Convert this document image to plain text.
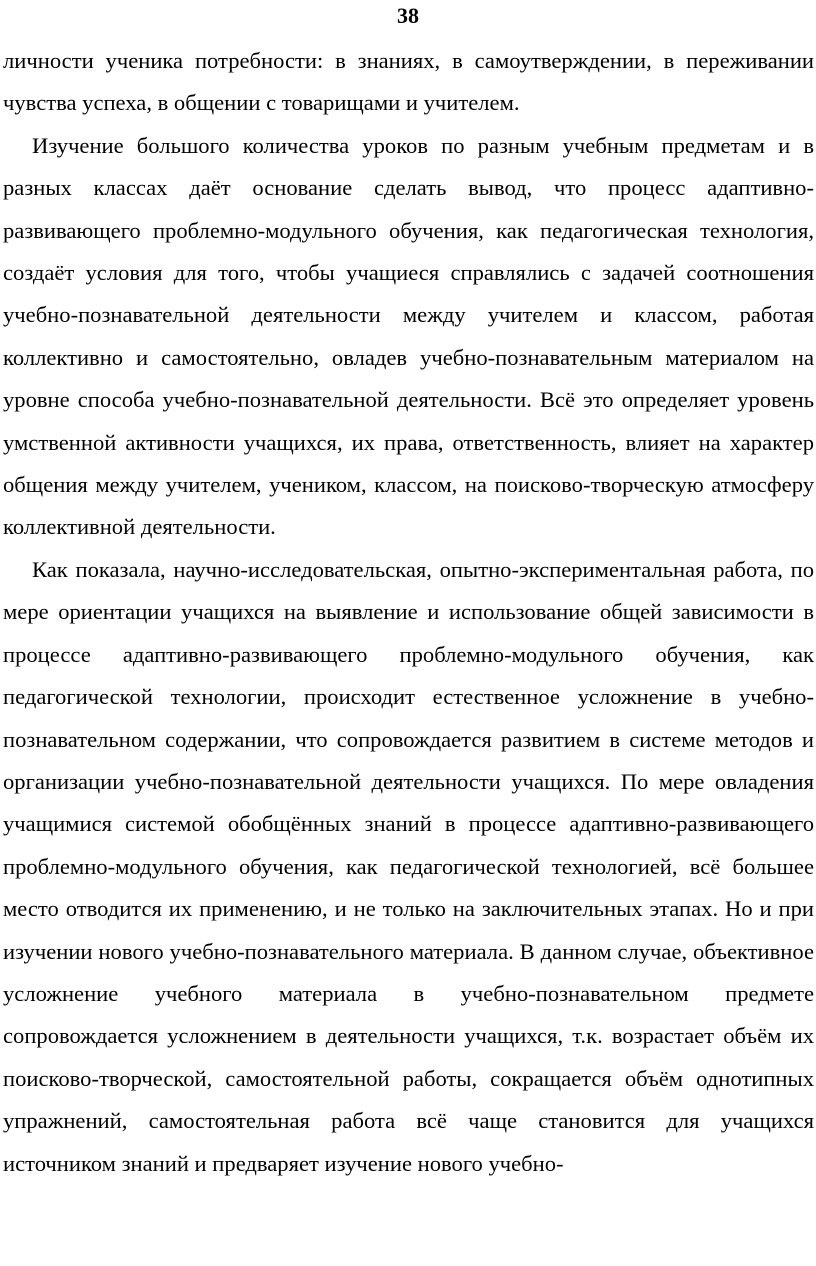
38

личности ученика потребности: в знаниях, в самоутверждении, в переживании чувства успеха, в общении с товарищами и учителем.

Изучение большого количества уроков по разным учебным предметам и в разных классах даёт основание сделать вывод, что процесс адаптивно-развивающего проблемно-модульного обучения, как педагогическая технология, создаёт условия для того, чтобы учащиеся справлялись с задачей соотношения учебно-познавательной деятельности между учителем и классом, работая коллективно и самостоятельно, овладев учебно-познавательным материалом на уровне способа учебно-познавательной деятельности. Всё это определяет уровень умственной активности учащихся, их права, ответственность, влияет на характер общения между учителем, учеником, классом, на поисково-творческую атмосферу коллективной деятельности.

Как показала, научно-исследовательская, опытно-экспериментальная работа, по мере ориентации учащихся на выявление и использование общей зависимости в процессе адаптивно-развивающего проблемно-модульного обучения, как педагогической технологии, происходит естественное усложнение в учебно-познавательном содержании, что сопровождается развитием в системе методов и организации учебно-познавательной деятельности учащихся. По мере овладения учащимися системой обобщённых знаний в процессе адаптивно-развивающего проблемно-модульного обучения, как педагогической технологией, всё большее место отводится их применению, и не только на заключительных этапах. Но и при изучении нового учебно-познавательного материала. В данном случае, объективное усложнение учебного материала в учебно-познавательном предмете сопровождается усложнением в деятельности учащихся, т.к. возрастает объём их поисково-творческой, самостоятельной работы, сокращается объём однотипных упражнений, самостоятельная работа всё чаще становится для учащихся источником знаний и предваряет изучение нового учебно-
